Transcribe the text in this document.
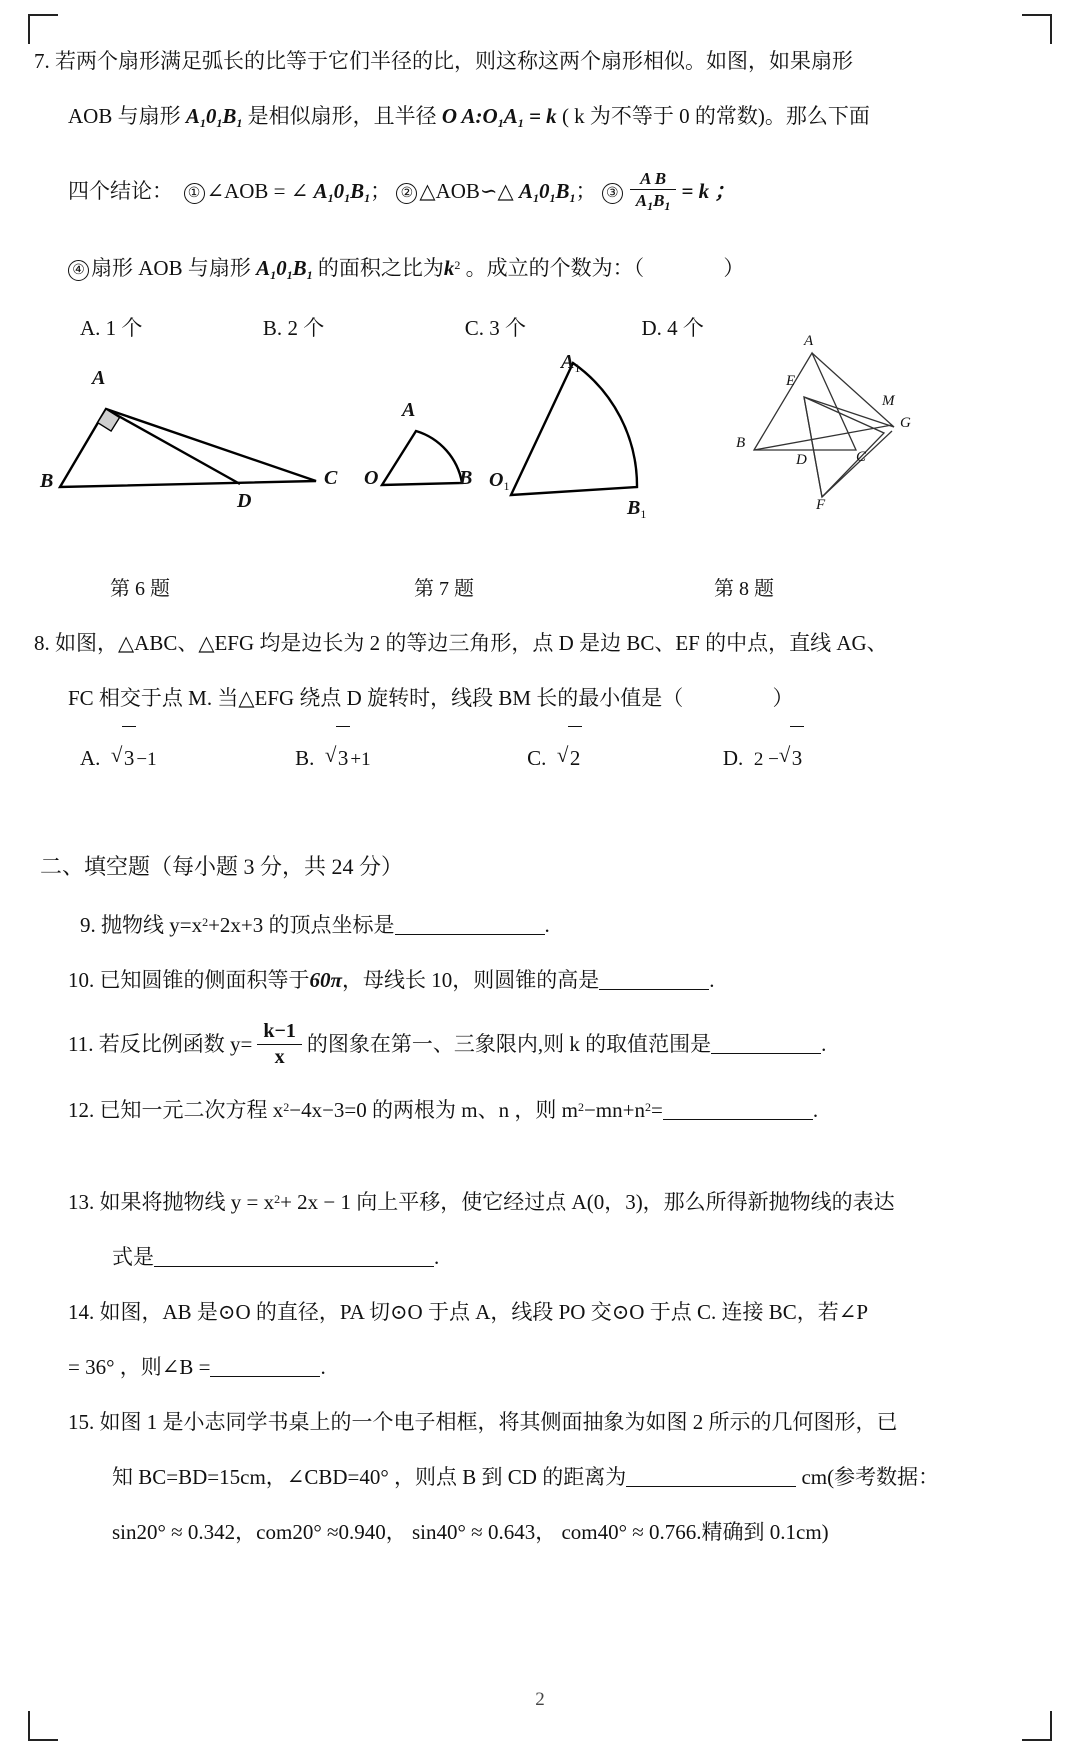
7. 若两个扇形满足弧长的比等于它们半径的比，则这称这两个扇形相似。如图，如果扇形
AOB 与扇形 $A_10_1B_1$ 是相似扇形，且半径 O $A:O_1A_1 = k$ ( k 为不等于 0 的常数)。那么下面
四个结论： ① ∠AOB = ∠ $A_10_1B_1$； ② △AOB∽△ $A_10_1B_1$； ③ $\frac{\text{A B}}{A_1B_1} = k$ ；
④ 扇形 AOB 与扇形 $A_10_1B_1$ 的面积之比为$k^2$ 。成立的个数为：（	）
A. 1 个	B. 2 个	C. 3 个	D. 4 个
A
B
D
C
A
O	B
$A_1$
$O_1$
$B_1$
A
E
M
G
B
D	C
F
第 6 题	第 7 题	第 8 题
8. 如图，△ABC、△EFG 均是边长为 2 的等边三角形，点 D 是边 BC、EF 的中点，直线 AG、
FC 相交于点 M. 当△EFG 绕点 D 旋转时，线段 BM 长的最小值是（	）
A. √ 3 −1	B. √ 3 +1	C. √ 2	D. 2 − √ 3
二、填空题（每小题 3 分，共 24 分）
9. 抛物线 $y=x^2+2x+3$ 的顶点坐标是	.
10. 已知圆锥的侧面积等于60π，母线长 10，则圆锥的高是	.
11. 若反比例函数 $y= \frac{k-1}{x}$ 的图象在第一、三象限内,则 k 的取值范围是	.
12. 已知一元二次方程 $x^2-4x-3=0$ 的两根为 m、n ，则 $m^2-mn+n^2=$	.
13. 如果将抛物线 $y = x^2+ 2x - 1$ 向上平移，使它经过点 A(0，3)，那么所得新抛物线的表达
式是	.
14. 如图，AB 是⊙O 的直径，PA 切⊙O 于点 A，线段 PO 交⊙O 于点 C. 连接 BC，若∠P
= 36° ，则∠B =	.
15. 如图 1 是小志同学书桌上的一个电子相框，将其侧面抽象为如图 2 所示的几何图形，已
知 BC=BD=15cm，∠CBD=40° ，则点 B 到 CD 的距离为	cm(参考数据：
sin20° ≈ 0.342，com20° ≈0.940， sin40° ≈ 0.643， com40° ≈ 0.766.精确到 0.1cm)
2
